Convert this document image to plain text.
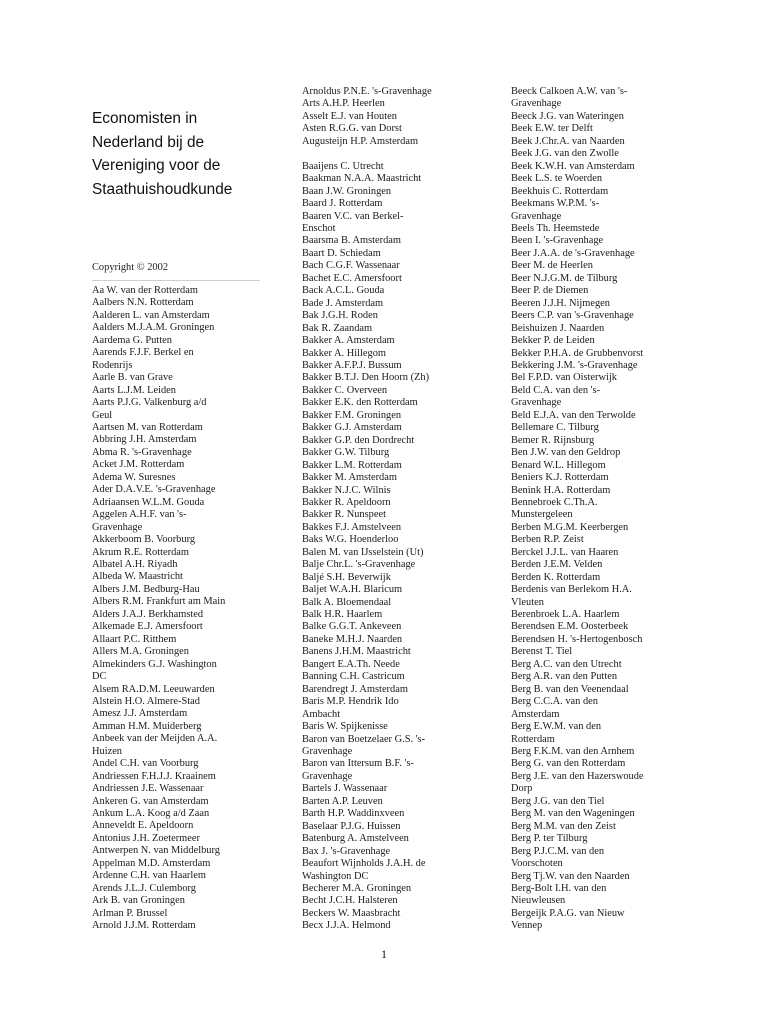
Economisten in
Nederland bij de
Vereniging voor de
Staathuishoudkunde
Copyright © 2002
Aa W. van der Rotterdam
Aalbers N.N. Rotterdam
Aalderen L. van Amsterdam
Aalders M.J.A.M. Groningen
Aardema G. Putten
Aarends F.J.F. Berkel en
Rodenrijs
Aarle B. van Grave
Aarts L.J.M. Leiden
Aarts P.J.G. Valkenburg a/d
Geul
Aartsen M. van Rotterdam
Abbring J.H. Amsterdam
Abma R. 's-Gravenhage
Acket J.M. Rotterdam
Adema W. Suresnes
Ader D.A.V.E. 's-Gravenhage
Adriaansen W.L.M. Gouda
Aggelen A.H.F. van 's-
Gravenhage
Akkerboom B. Voorburg
Akrum R.E. Rotterdam
Albatel A.H. Riyadh
Albeda W. Maastricht
Albers J.M. Bedburg-Hau
Albers R.M. Frankfurt am Main
Alders J.A.J. Berkhamsted
Alkemade E.J. Amersfoort
Allaart P.C. Ritthem
Allers M.A. Groningen
Almekinders G.J. Washington
DC
Alsem RA.D.M. Leeuwarden
Alstein H.O. Almere-Stad
Amesz J.J. Amsterdam
Amman H.M. Muiderberg
Anbeek van der Meijden A.A.
Huizen
Andel C.H. van Voorburg
Andriessen F.H.J.J. Kraainem
Andriessen J.E. Wassenaar
Ankeren G. van Amsterdam
Ankum L.A. Koog a/d Zaan
Anneveldt E. Apeldoorn
Antonius J.H. Zoetermeer
Antwerpen N. van Middelburg
Appelman M.D. Amsterdam
Ardenne C.H. van Haarlem
Arends J.L.J. Culemborg
Ark B. van Groningen
Arlman P. Brussel
Arnold J.J.M. Rotterdam
Arnoldus P.N.E. 's-Gravenhage
Arts A.H.P. Heerlen
Asselt E.J. van Houten
Asten R.G.G. van Dorst
Augusteijn H.P. Amsterdam

Baaijens C. Utrecht
Baakman N.A.A. Maastricht
Baan J.W. Groningen
Baard J. Rotterdam
Baaren V.C. van Berkel-
Enschot
Baarsma B. Amsterdam
Baart D. Schiedam
Bach C.G.F. Wassenaar
Bachet E.C. Amersfoort
Back A.C.L. Gouda
Bade J. Amsterdam
Bak J.G.H. Roden
Bak R. Zaandam
Bakker A. Amsterdam
Bakker A. Hillegom
Bakker A.F.P.J. Bussum
Bakker B.T.J. Den Hoorn (Zh)
Bakker C. Overveen
Bakker E.K. den Rotterdam
Bakker F.M. Groningen
Bakker G.J. Amsterdam
Bakker G.P. den Dordrecht
Bakker G.W. Tilburg
Bakker L.M. Rotterdam
Bakker M. Amsterdam
Bakker N.J.C. Wilnis
Bakker R. Apeldoorn
Bakker R. Nunspeet
Bakkes F.J. Amstelveen
Baks W.G. Hoenderloo
Balen M. van IJsselstein (Ut)
Balje Chr.L. 's-Gravenhage
Baljé S.H. Beverwijk
Baljet W.A.H. Blaricum
Balk A. Bloemendaal
Balk H.R. Haarlem
Balke G.G.T. Ankeveen
Baneke M.H.J. Naarden
Banens J.H.M. Maastricht
Bangert E.A.Th. Neede
Banning C.H. Castricum
Barendregt J. Amsterdam
Baris M.P. Hendrik Ido
Ambacht
Baris W. Spijkenisse
Baron van Boetzelaer G.S. 's-
Gravenhage
Baron van Ittersum B.F. 's-
Gravenhage
Bartels J. Wassenaar
Barten A.P. Leuven
Barth H.P. Waddinxveen
Baselaar P.J.G. Huissen
Batenburg A. Amstelveen
Bax J. 's-Gravenhage
Beaufort Wijnholds J.A.H. de
Washington DC
Becherer M.A. Groningen
Becht J.C.H. Halsteren
Beckers W. Maasbracht
Becx J.J.A. Helmond
Beeck Calkoen A.W. van 's-
Gravenhage
Beeck J.G. van Wateringen
Beek E.W. ter Delft
Beek J.Chr.A. van Naarden
Beek J.G. van den Zwolle
Beek K.W.H. van Amsterdam
Beek L.S. te Woerden
Beekhuis C. Rotterdam
Beekmans W.P.M. 's-
Gravenhage
Beels Th. Heemstede
Been I. 's-Gravenhage
Beer J.A.A. de 's-Gravenhage
Beer M. de Heerlen
Beer N.J.G.M. de Tilburg
Beer P. de Diemen
Beeren J.J.H. Nijmegen
Beers C.P. van 's-Gravenhage
Beishuizen J. Naarden
Bekker P. de Leiden
Bekker P.H.A. de Grubbenvorst
Bekkering J.M. 's-Gravenhage
Bel F.P.D. van Oisterwijk
Beld C.A. van den 's-
Gravenhage
Beld E.J.A. van den Terwolde
Bellemare C. Tilburg
Bemer R. Rijnsburg
Ben J.W. van den Geldrop
Benard W.L. Hillegom
Beniers K.J. Rotterdam
Benink H.A. Rotterdam
Bennebroek C.Th.A.
Munstergeleen
Berben M.G.M. Keerbergen
Berben R.P. Zeist
Berckel J.J.L. van Haaren
Berden J.E.M. Velden
Berden K. Rotterdam
Berdenis van Berlekom H.A.
Vleuten
Berenbroek L.A. Haarlem
Berendsen E.M. Oosterbeek
Berendsen H. 's-Hertogenbosch
Berenst T. Tiel
Berg A.C. van den Utrecht
Berg A.R. van den Putten
Berg B. van den Veenendaal
Berg C.C.A. van den
Amsterdam
Berg E.W.M. van den
Rotterdam
Berg F.K.M. van den Arnhem
Berg G. van den Rotterdam
Berg J.E. van den Hazerswoude
Dorp
Berg J.G. van den Tiel
Berg M. van den Wageningen
Berg M.M. van den Zeist
Berg P. ter Tilburg
Berg P.J.C.M. van den
Voorschoten
Berg Tj.W. van den Naarden
Berg-Bolt I.H. van den
Nieuwleusen
Bergeijk P.A.G. van Nieuw
Vennep
1
